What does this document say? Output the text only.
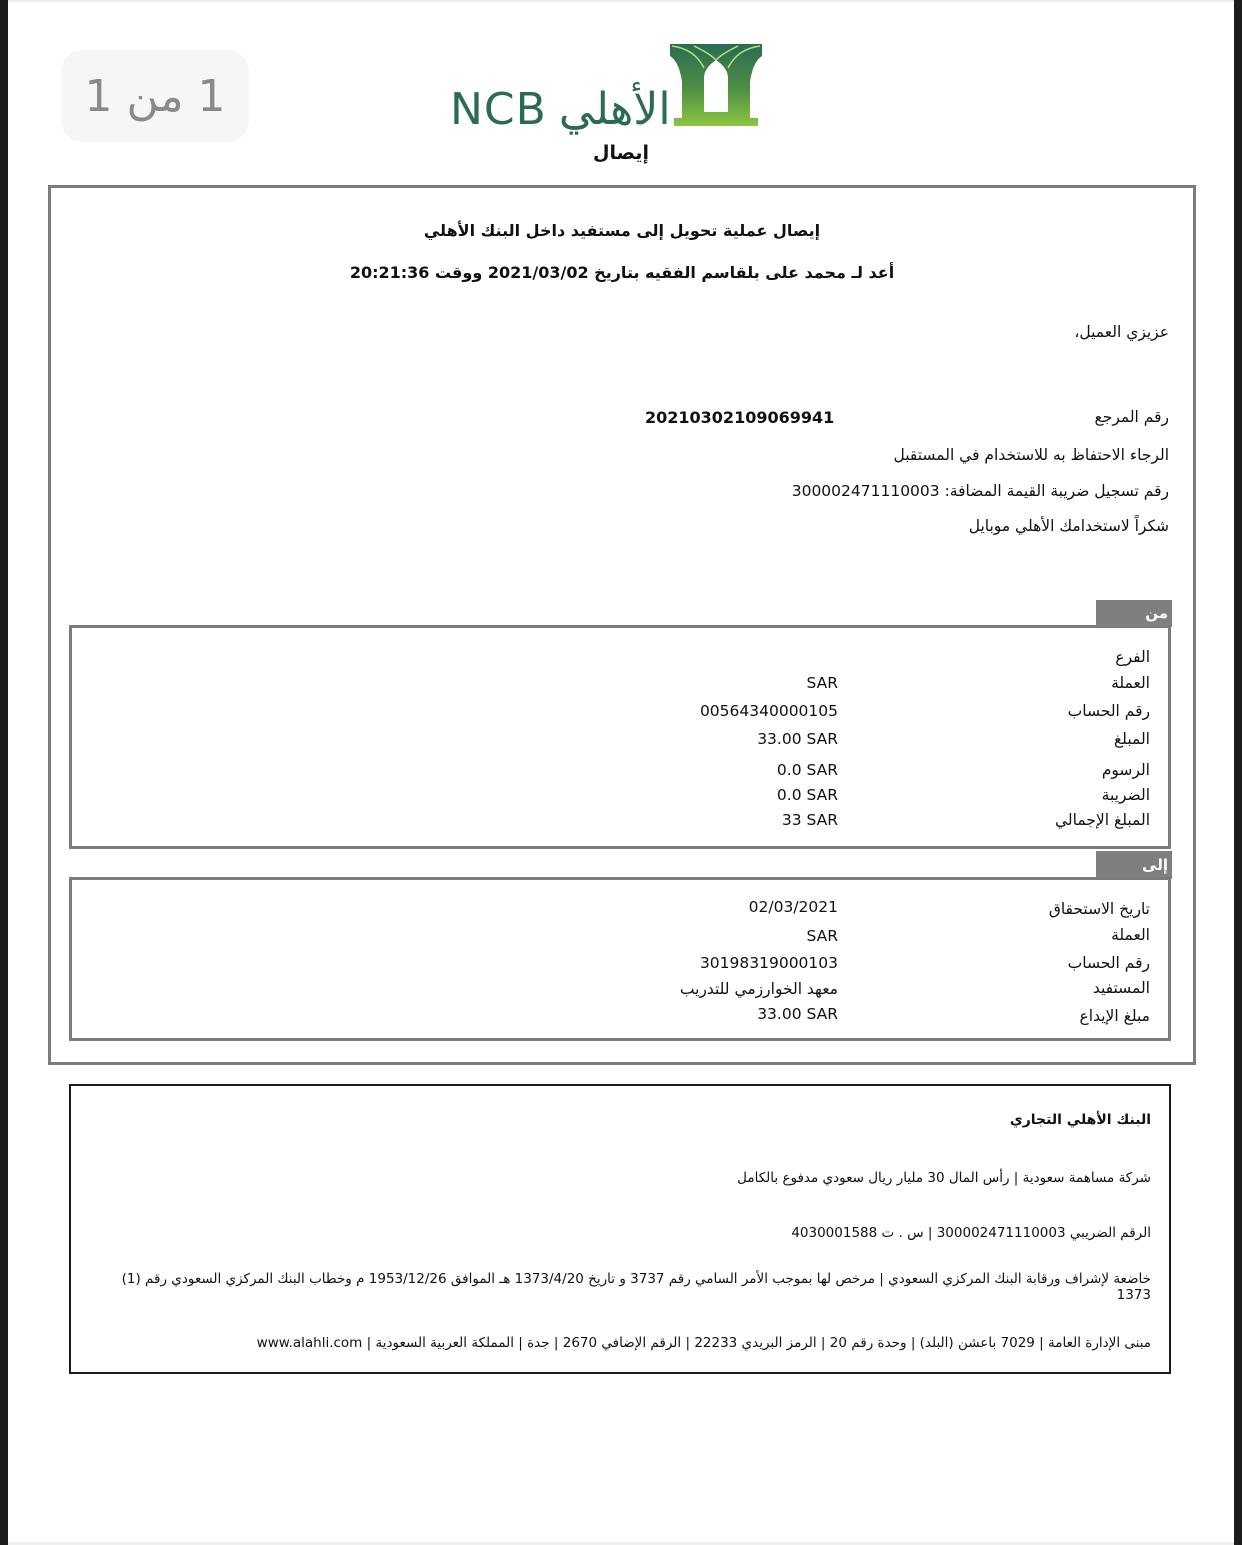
1 من 1	NCB الأهلي
إيصال
إيصال عملية تحويل إلى مستفيد داخل البنك الأهلي
أعد لـ محمد على بلقاسم الفقيه بتاريخ 2021/03/02 ووقت 20:21:36
عزيزي العميل،
رقم المرجع
20210302109069941
الرجاء الاحتفاظ به للاستخدام في المستقبل
رقم تسجيل ضريبة القيمة المضافة: 300002471110003
شكراً لاستخدامك الأهلي موبايل
من
الفرع
العملة
SAR
رقم الحساب
00564340000105
المبلغ
33.00 SAR
الرسوم
0.0 SAR
الضريبة
0.0 SAR
المبلغ الإجمالي
33 SAR
إلى
تاريخ الاستحقاق
02/03/2021
العملة
SAR
رقم الحساب
30198319000103
المستفيد
معهد الخوارزمي للتدريب
مبلغ الإيداع
33.00 SAR
البنك الأهلي التجاري
شركة مساهمة سعودية | رأس المال 30 مليار ريال سعودي مدفوع بالكامل
الرقم الضريبي 300002471110003 | س . ت 4030001588
خاضعة لإشراف ورقابة البنك المركزي السعودي | مرخص لها بموجب الأمر السامي رقم 3737 و تاريخ 1373/4/20 هـ الموافق 1953/12/26 م وخطاب البنك المركزي السعودي رقم (1) 1373
مبنى الإدارة العامة | 7029 باعشن (البلد) | وحدة رقم 20 | الرمز البريدي 22233 | الرقم الإضافي 2670 | جدة | المملكة العربية السعودية | www.alahli.com
